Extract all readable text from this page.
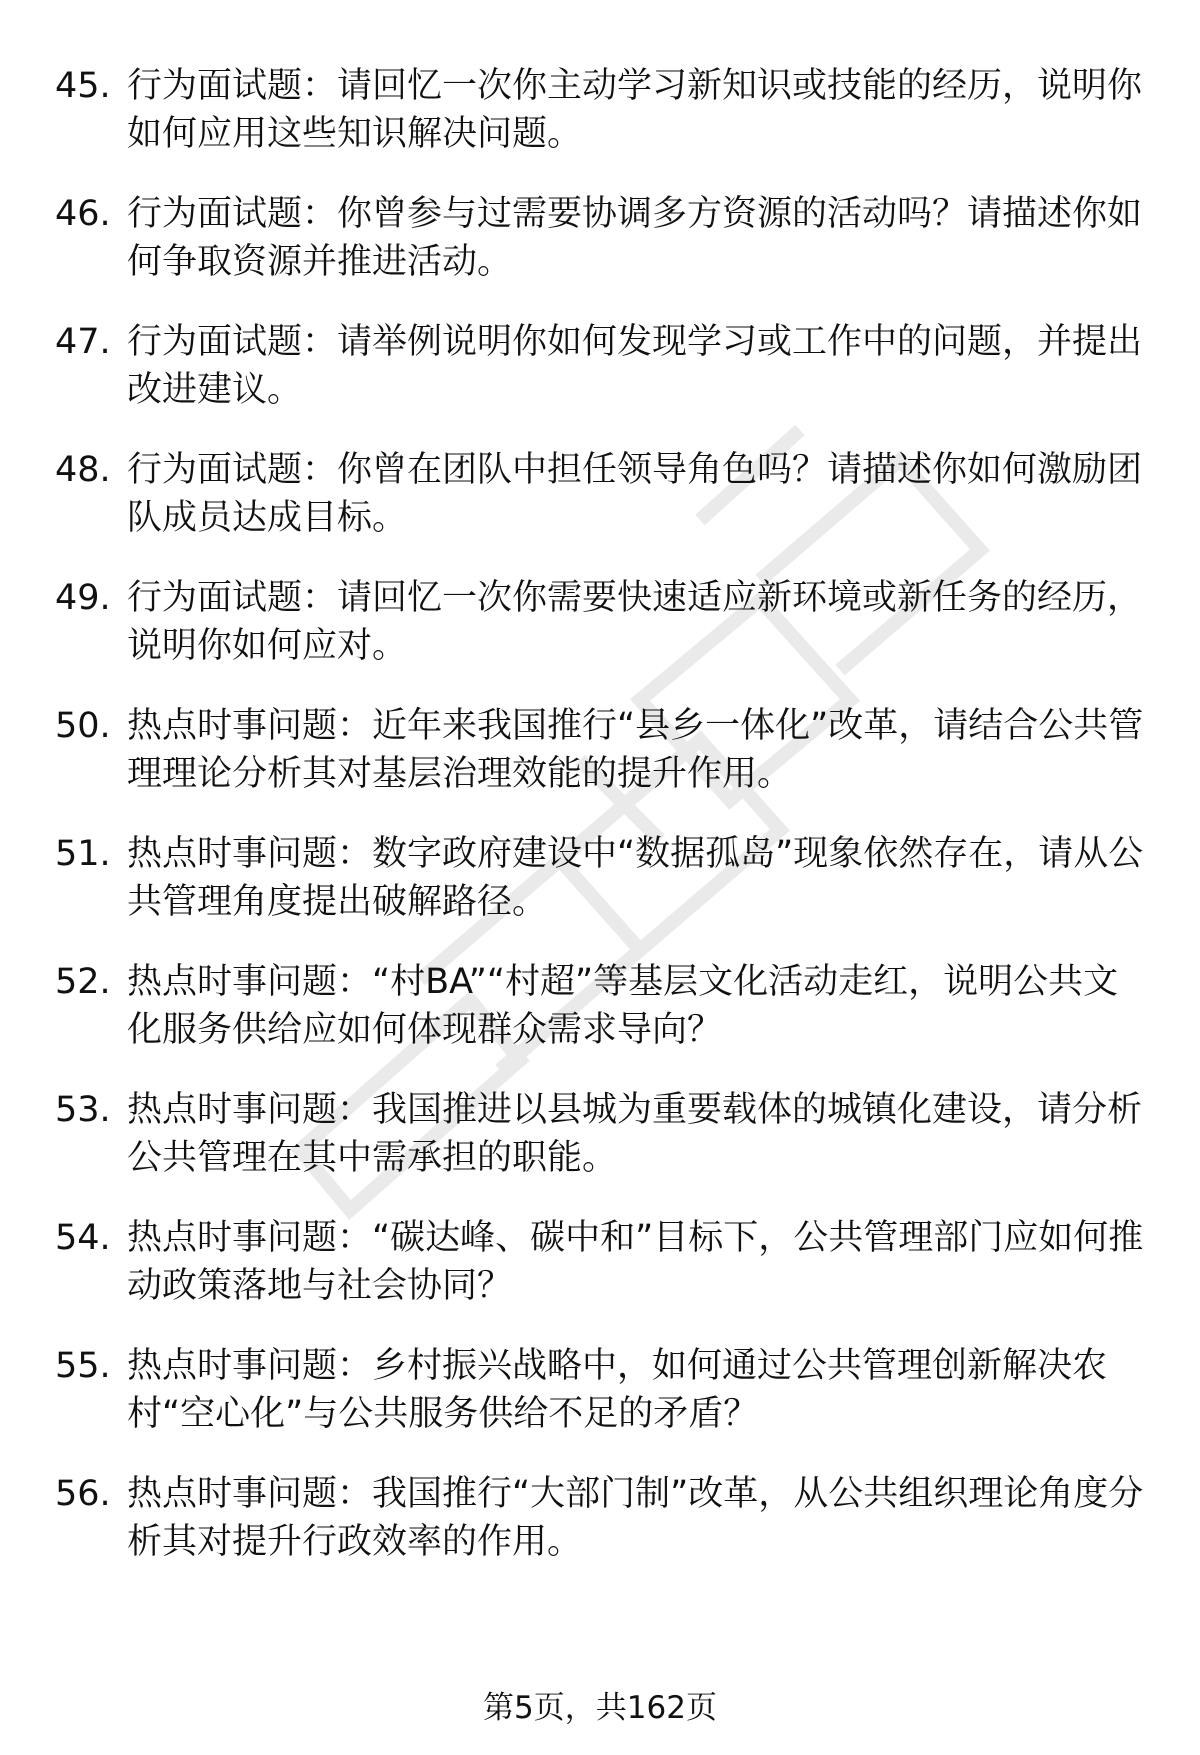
45. 行为面试题：请回忆一次你主动学习新知识或技能的经历，说明你如何应用这些知识解决问题。
46. 行为面试题：你曾参与过需要协调多方资源的活动吗？请描述你如何争取资源并推进活动。
47. 行为面试题：请举例说明你如何发现学习或工作中的问题，并提出改进建议。
48. 行为面试题：你曾在团队中担任领导角色吗？请描述你如何激励团队成员达成目标。
49. 行为面试题：请回忆一次你需要快速适应新环境或新任务的经历，说明你如何应对。
50. 热点时事问题：近年来我国推行“县乡一体化”改革，请结合公共管理理论分析其对基层治理效能的提升作用。
51. 热点时事问题：数字政府建设中“数据孤岛”现象依然存在，请从公共管理角度提出破解路径。
52. 热点时事问题：“村BA”“村超”等基层文化活动走红，说明公共文化服务供给应如何体现群众需求导向？
53. 热点时事问题：我国推进以县城为重要载体的城镇化建设，请分析公共管理在其中需承担的职能。
54. 热点时事问题：“碳达峰、碳中和”目标下，公共管理部门应如何推动政策落地与社会协同？
55. 热点时事问题：乡村振兴战略中，如何通过公共管理创新解决农村“空心化”与公共服务供给不足的矛盾？
56. 热点时事问题：我国推行“大部门制”改革，从公共组织理论角度分析其对提升行政效率的作用。
第5页，共162页
